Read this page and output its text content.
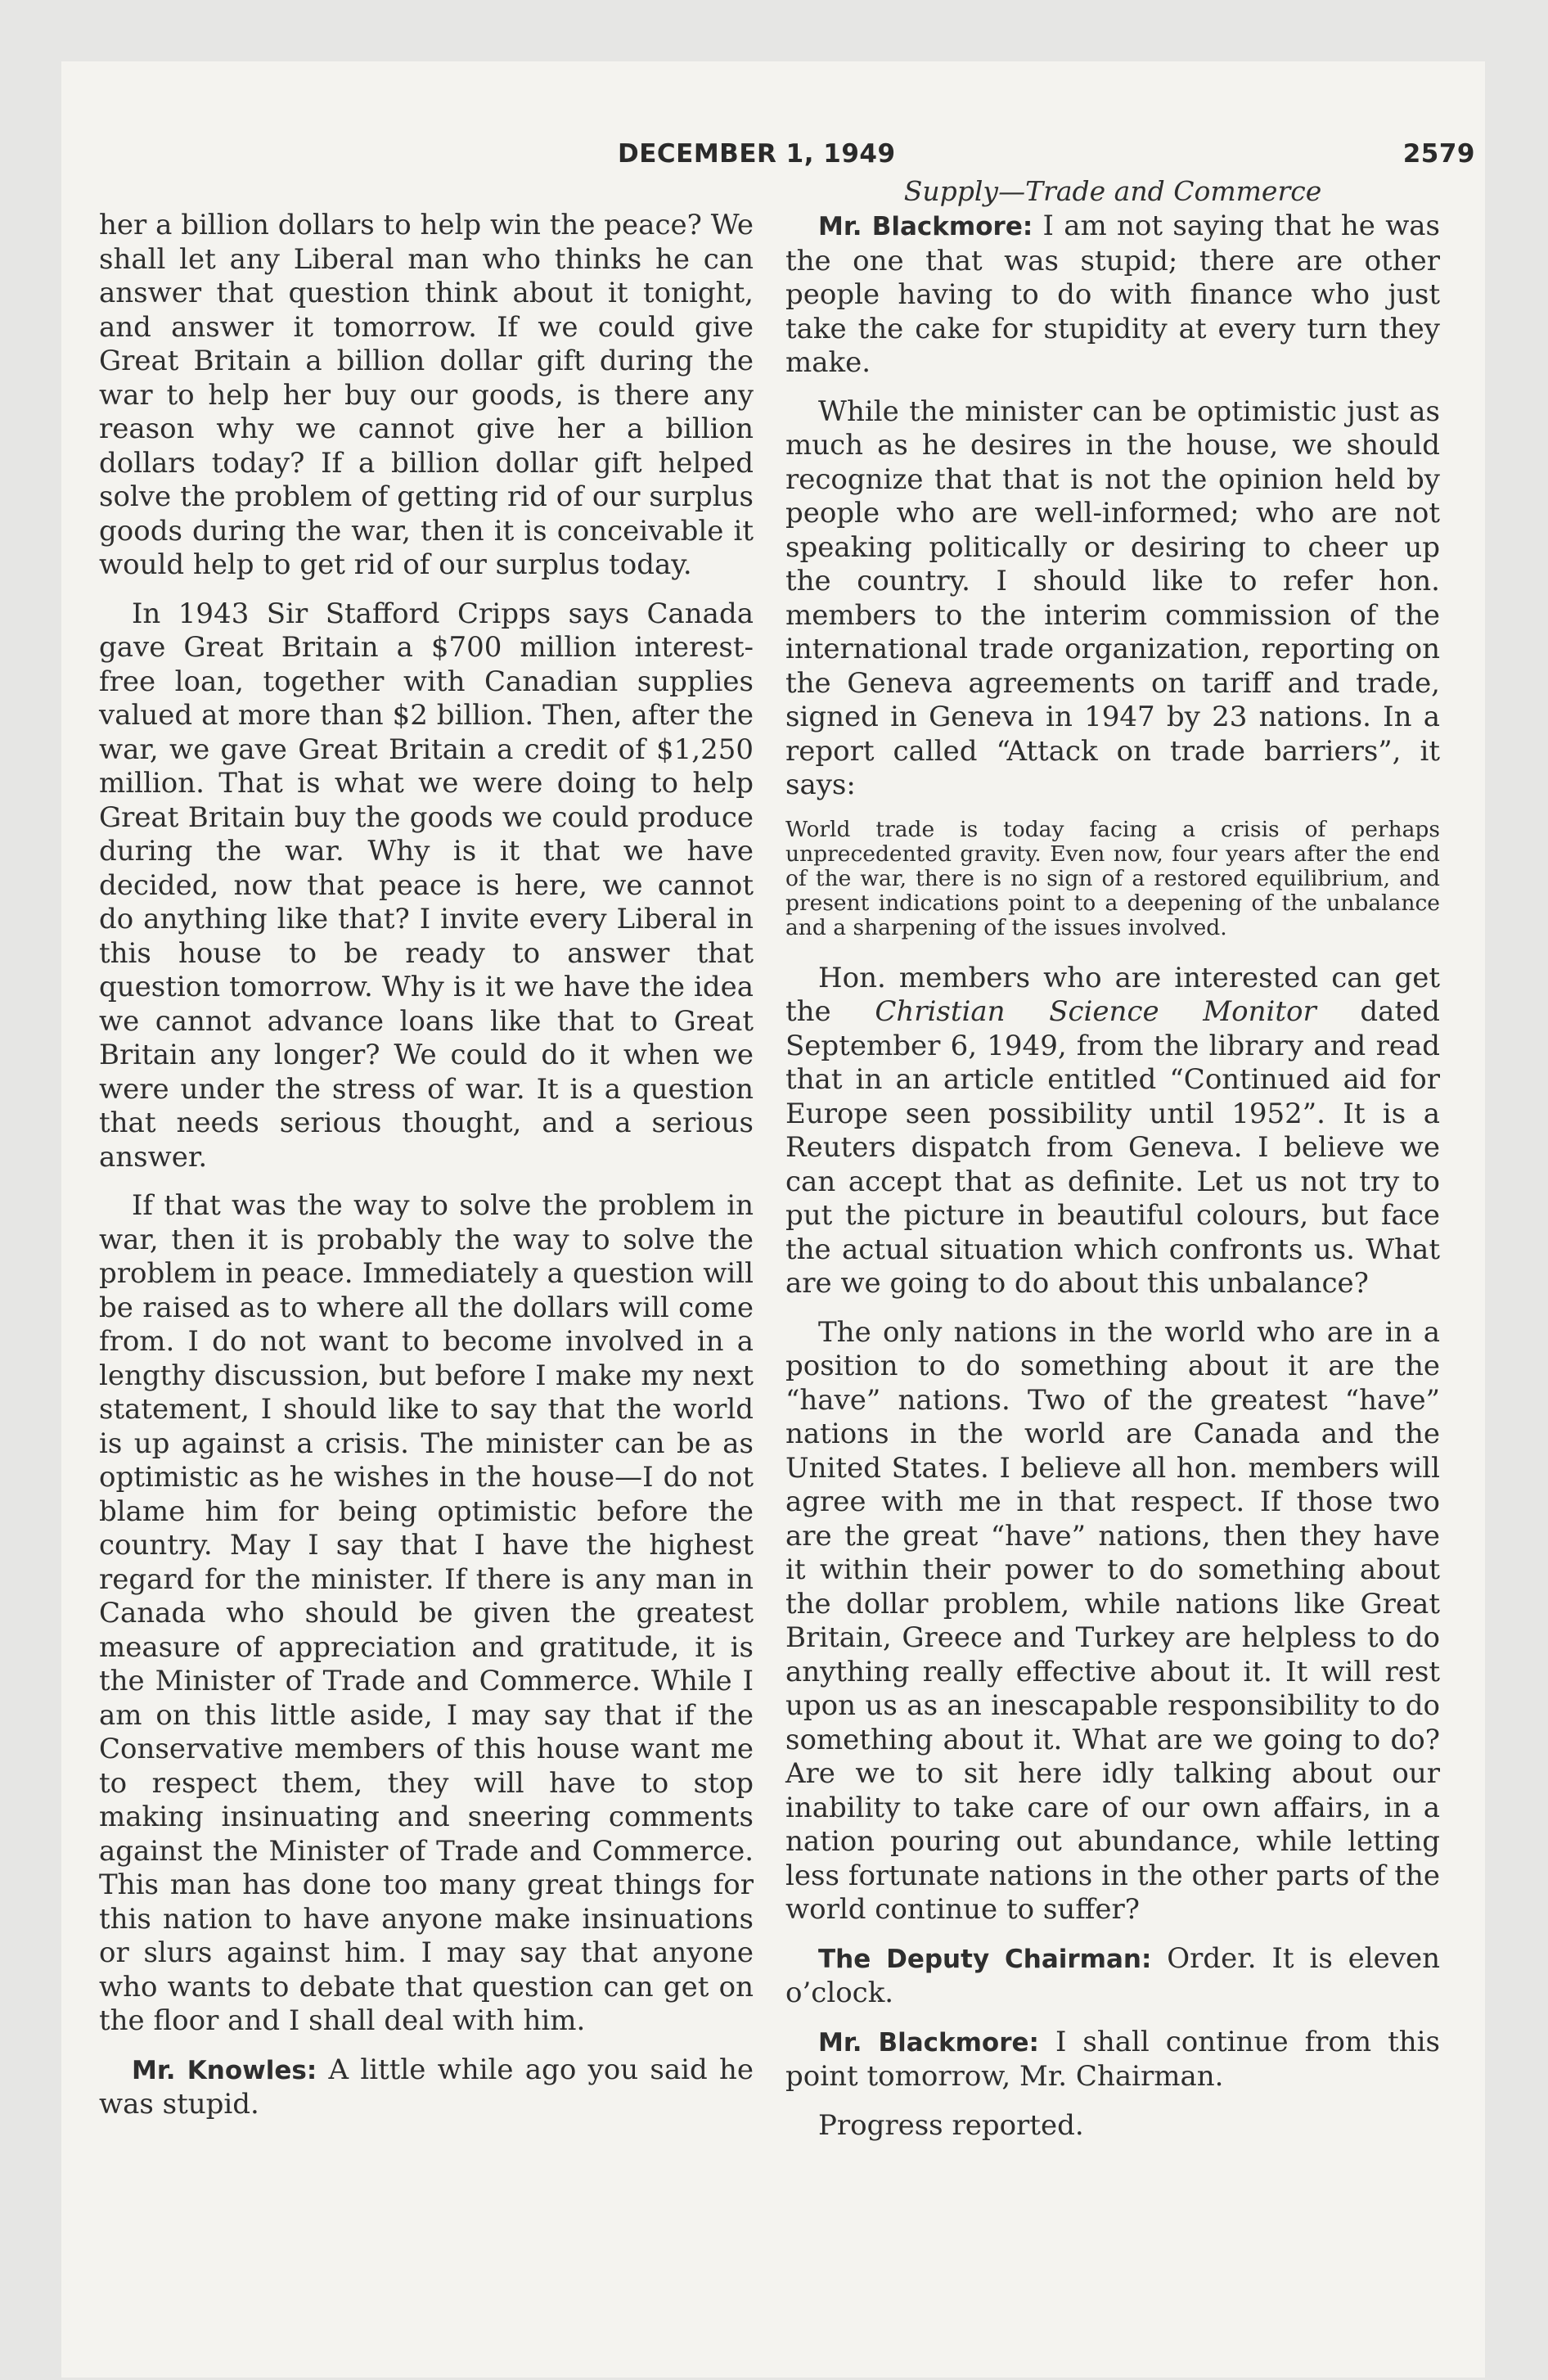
DECEMBER 1, 1949	2579

her a billion dollars to help win the peace? We shall let any Liberal man who thinks he can answer that question think about it tonight, and answer it tomorrow. If we could give Great Britain a billion dollar gift during the war to help her buy our goods, is there any reason why we cannot give her a billion dollars today? If a billion dollar gift helped solve the problem of getting rid of our surplus goods during the war, then it is conceivable it would help to get rid of our surplus today.

In 1943 Sir Stafford Cripps says Canada gave Great Britain a $700 million interest-free loan, together with Canadian supplies valued at more than $2 billion. Then, after the war, we gave Great Britain a credit of $1,250 million. That is what we were doing to help Great Britain buy the goods we could produce during the war. Why is it that we have decided, now that peace is here, we cannot do anything like that? I invite every Liberal in this house to be ready to answer that question tomorrow. Why is it we have the idea we cannot advance loans like that to Great Britain any longer? We could do it when we were under the stress of war. It is a question that needs serious thought, and a serious answer.

If that was the way to solve the problem in war, then it is probably the way to solve the problem in peace. Immediately a question will be raised as to where all the dollars will come from. I do not want to become involved in a lengthy discussion, but before I make my next statement, I should like to say that the world is up against a crisis. The minister can be as optimistic as he wishes in the house—I do not blame him for being optimistic before the country. May I say that I have the highest regard for the minister. If there is any man in Canada who should be given the greatest measure of appreciation and gratitude, it is the Minister of Trade and Commerce. While I am on this little aside, I may say that if the Conservative members of this house want me to respect them, they will have to stop making insinuating and sneering comments against the Minister of Trade and Commerce. This man has done too many great things for this nation to have anyone make insinuations or slurs against him. I may say that anyone who wants to debate that question can get on the floor and I shall deal with him.

Mr. Knowles: A little while ago you said he was stupid.

Supply—Trade and Commerce

Mr. Blackmore: I am not saying that he was the one that was stupid; there are other people having to do with finance who just take the cake for stupidity at every turn they make.

While the minister can be optimistic just as much as he desires in the house, we should recognize that that is not the opinion held by people who are well-informed; who are not speaking politically or desiring to cheer up the country. I should like to refer hon. members to the interim commission of the international trade organization, reporting on the Geneva agreements on tariff and trade, signed in Geneva in 1947 by 23 nations. In a report called “Attack on trade barriers”, it says:

World trade is today facing a crisis of perhaps unprecedented gravity. Even now, four years after the end of the war, there is no sign of a restored equilibrium, and present indications point to a deepening of the unbalance and a sharpening of the issues involved.

Hon. members who are interested can get the Christian Science Monitor dated September 6, 1949, from the library and read that in an article entitled “Continued aid for Europe seen possibility until 1952”. It is a Reuters dispatch from Geneva. I believe we can accept that as definite. Let us not try to put the picture in beautiful colours, but face the actual situation which confronts us. What are we going to do about this unbalance?

The only nations in the world who are in a position to do something about it are the “have” nations. Two of the greatest “have” nations in the world are Canada and the United States. I believe all hon. members will agree with me in that respect. If those two are the great “have” nations, then they have it within their power to do something about the dollar problem, while nations like Great Britain, Greece and Turkey are helpless to do anything really effective about it. It will rest upon us as an inescapable responsibility to do something about it. What are we going to do? Are we to sit here idly talking about our inability to take care of our own affairs, in a nation pouring out abundance, while letting less fortunate nations in the other parts of the world continue to suffer?

The Deputy Chairman: Order. It is eleven o’clock.

Mr. Blackmore: I shall continue from this point tomorrow, Mr. Chairman.

Progress reported.
